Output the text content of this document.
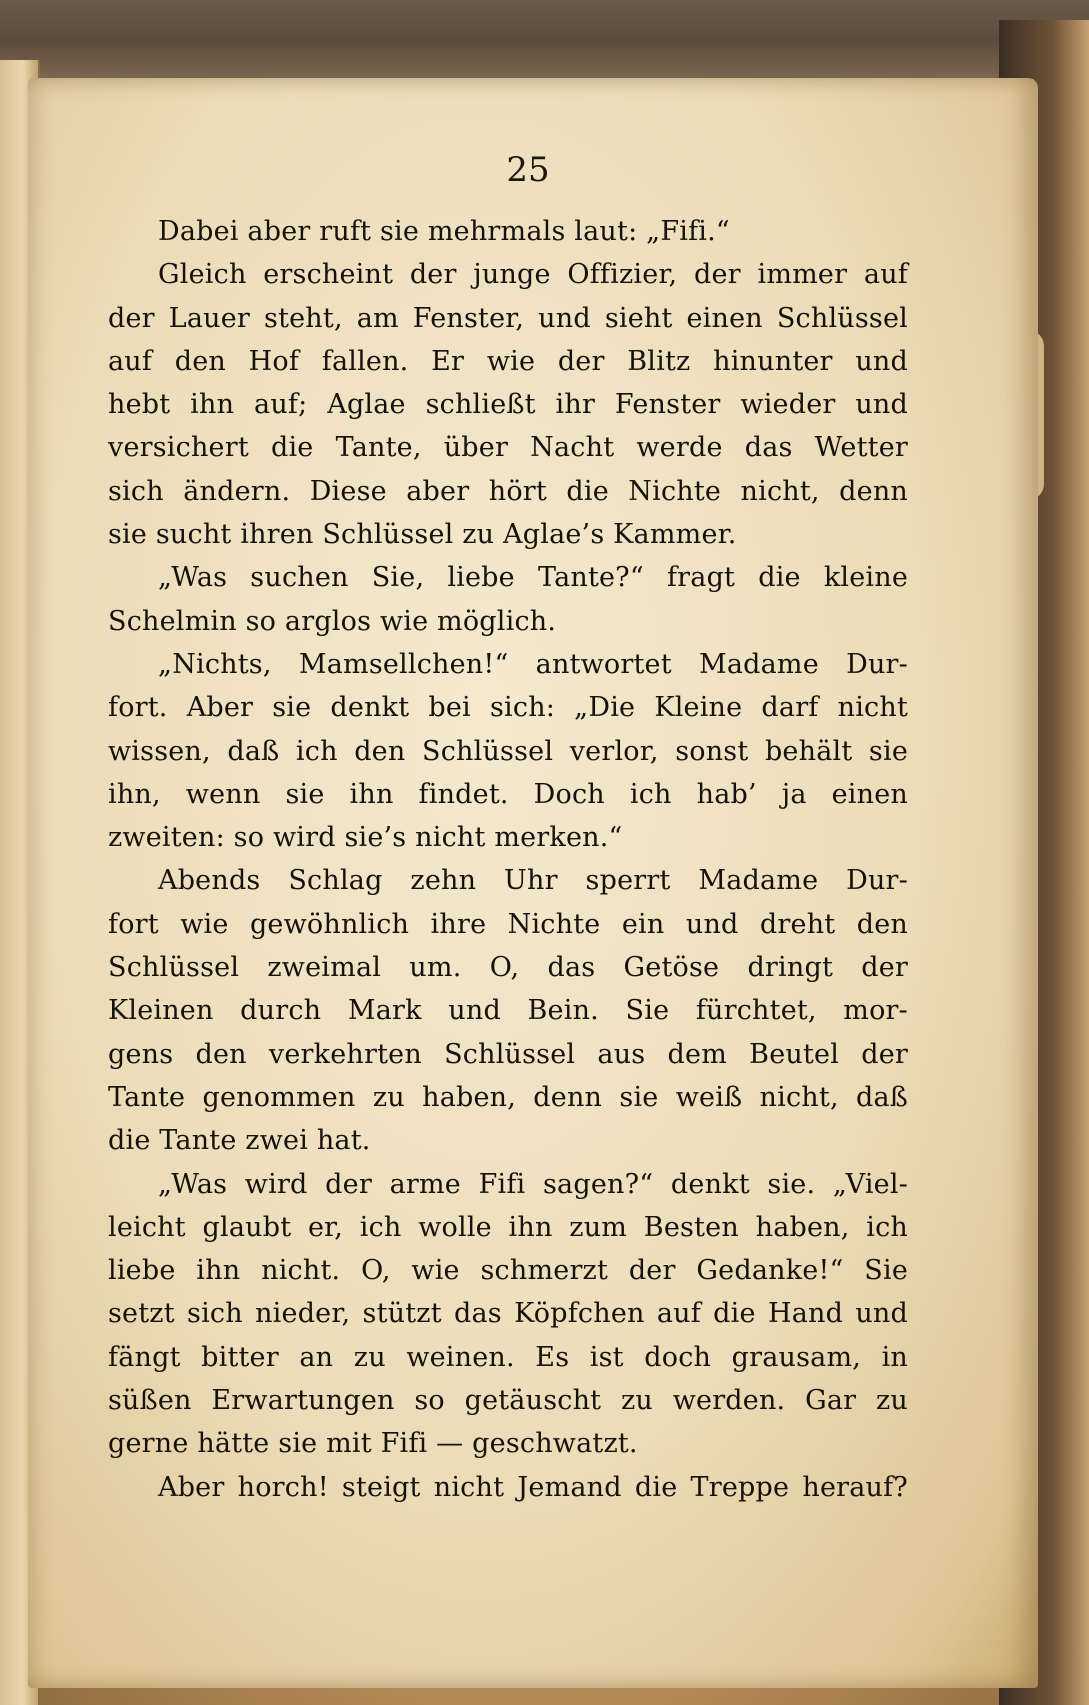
25
Dabei aber ruft sie mehrmals laut: „Fifi.“
Gleich erscheint der junge Offizier, der immer auf
der Lauer steht, am Fenster, und sieht einen Schlüssel
auf den Hof fallen. Er wie der Blitz hinunter und
hebt ihn auf; Aglae schließt ihr Fenster wieder und
versichert die Tante, über Nacht werde das Wetter
sich ändern. Diese aber hört die Nichte nicht, denn
sie sucht ihren Schlüssel zu Aglae’s Kammer.
„Was suchen Sie, liebe Tante?“ fragt die kleine
Schelmin so arglos wie möglich.
„Nichts, Mamsellchen!“ antwortet Madame Dur-
fort. Aber sie denkt bei sich: „Die Kleine darf nicht
wissen, daß ich den Schlüssel verlor, sonst behält sie
ihn, wenn sie ihn findet. Doch ich hab’ ja einen
zweiten: so wird sie’s nicht merken.“
Abends Schlag zehn Uhr sperrt Madame Dur-
fort wie gewöhnlich ihre Nichte ein und dreht den
Schlüssel zweimal um. O, das Getöse dringt der
Kleinen durch Mark und Bein. Sie fürchtet, mor-
gens den verkehrten Schlüssel aus dem Beutel der
Tante genommen zu haben, denn sie weiß nicht, daß
die Tante zwei hat.
„Was wird der arme Fifi sagen?“ denkt sie. „Viel-
leicht glaubt er, ich wolle ihn zum Besten haben, ich
liebe ihn nicht. O, wie schmerzt der Gedanke!“ Sie
setzt sich nieder, stützt das Köpfchen auf die Hand und
fängt bitter an zu weinen. Es ist doch grausam, in
süßen Erwartungen so getäuscht zu werden. Gar zu
gerne hätte sie mit Fifi — geschwatzt.
Aber horch! steigt nicht Jemand die Treppe herauf?
